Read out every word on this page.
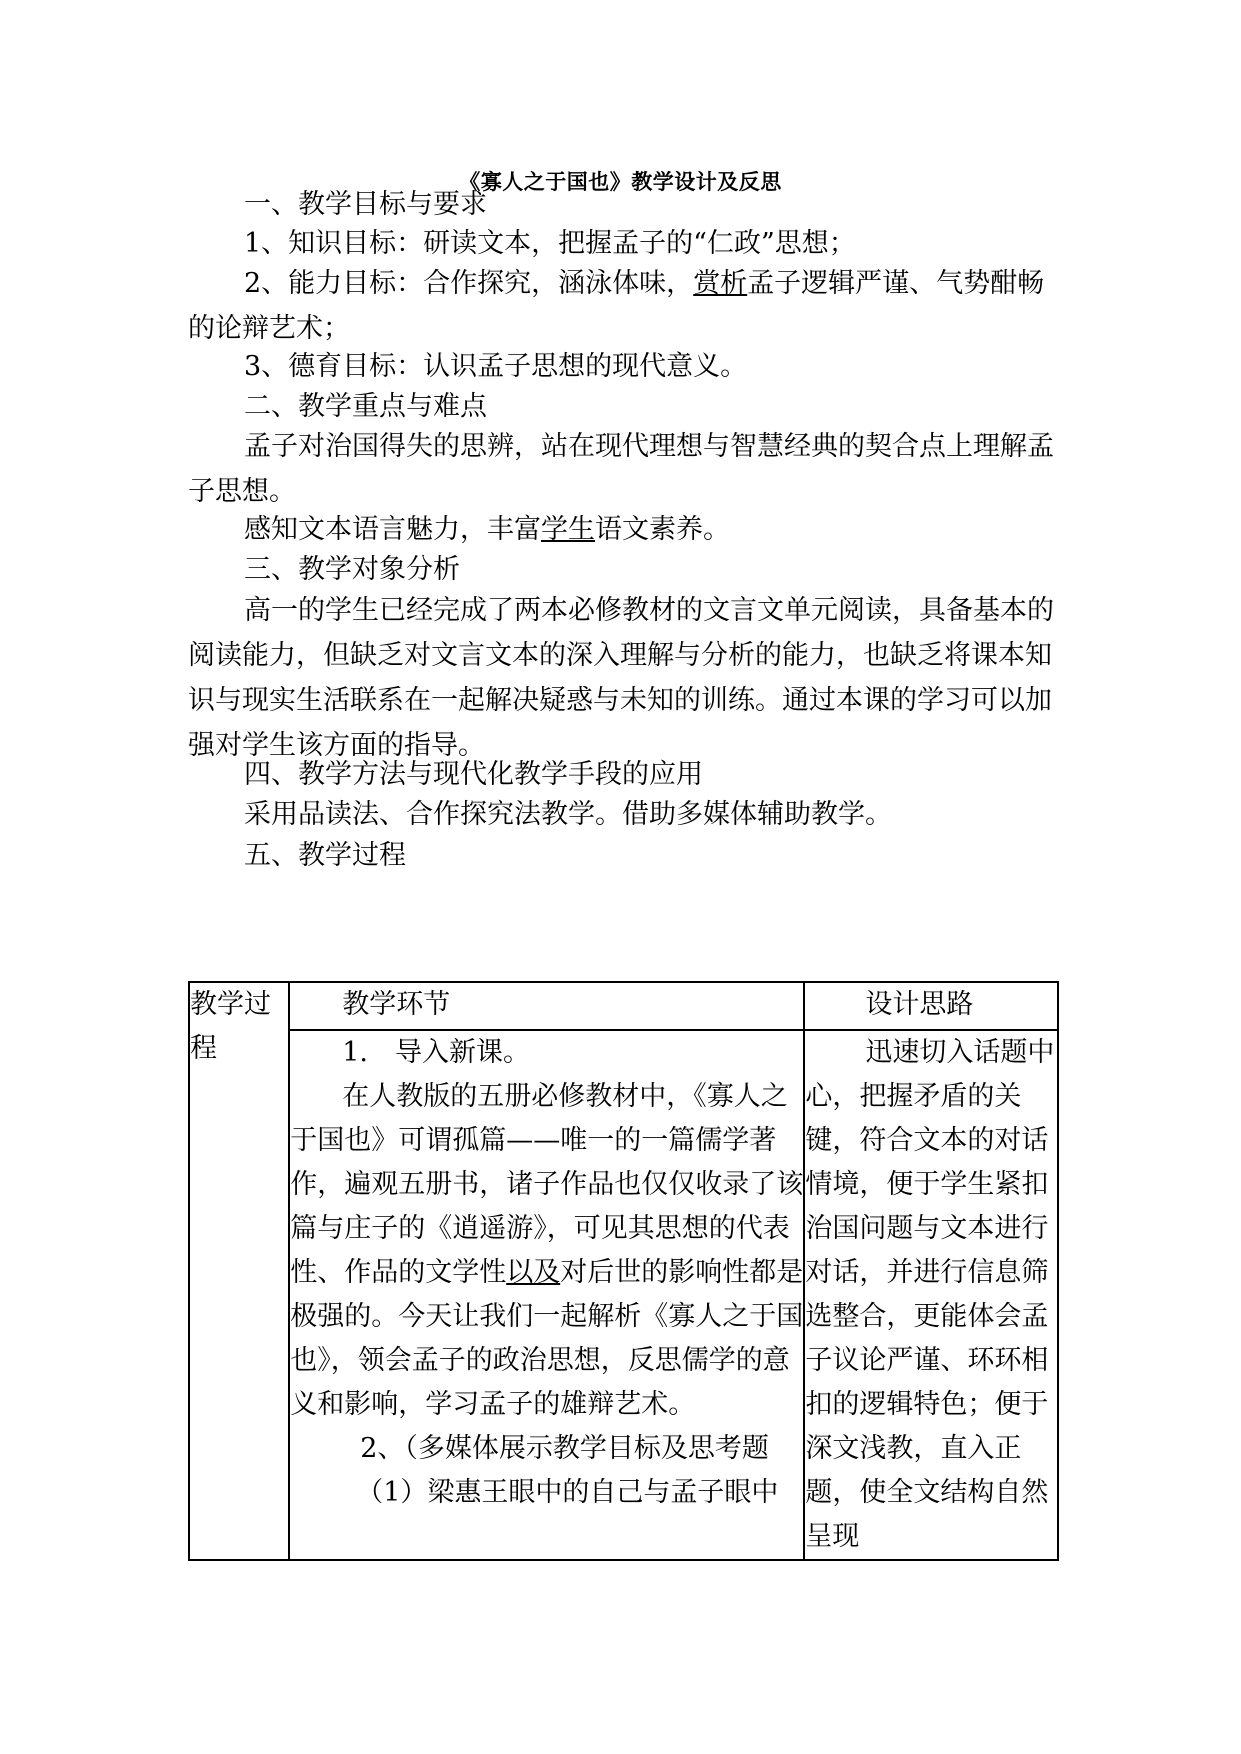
《寡人之于国也》教学设计及反思

一、教学目标与要求

1、知识目标：研读文本，把握孟子的“仁政”思想；

2、能力目标：合作探究，涵泳体味，赏析孟子逻辑严谨、气势酣畅的论辩艺术；

3、德育目标：认识孟子思想的现代意义。

二、教学重点与难点

孟子对治国得失的思辨，站在现代理想与智慧经典的契合点上理解孟子思想。

感知文本语言魅力，丰富学生语文素养。

三、教学对象分析

高一的学生已经完成了两本必修教材的文言文单元阅读，具备基本的阅读能力，但缺乏对文言文本的深入理解与分析的能力，也缺乏将课本知识与现实生活联系在一起解决疑惑与未知的训练。通过本课的学习可以加强对学生该方面的指导。

四、教学方法与现代化教学手段的应用

采用品读法、合作探究法教学。借助多媒体辅助教学。

五、教学过程

教学过程	教学环节	设计思路

	1.　导入新课。

在人教版的五册必修教材中，《寡人之于国也》可谓孤篇——唯一的一篇儒学著作，遍观五册书，诸子作品也仅仅收录了该篇与庄子的《逍遥游》，可见其思想的代表性、作品的文学性以及对后世的影响性都是极强的。今天让我们一起解析《寡人之于国也》，领会孟子的政治思想，反思儒学的意义和影响，学习孟子的雄辩艺术。

2、（多媒体展示教学目标及思考题
（1）梁惠王眼中的自己与孟子眼中	迅速切入话题中心，把握矛盾的关键，符合文本的对话情境，便于学生紧扣治国问题与文本进行对话，并进行信息筛选整合，更能体会孟子议论严谨、环环相扣的逻辑特色；便于深文浅教，直入正题，使全文结构自然呈现
